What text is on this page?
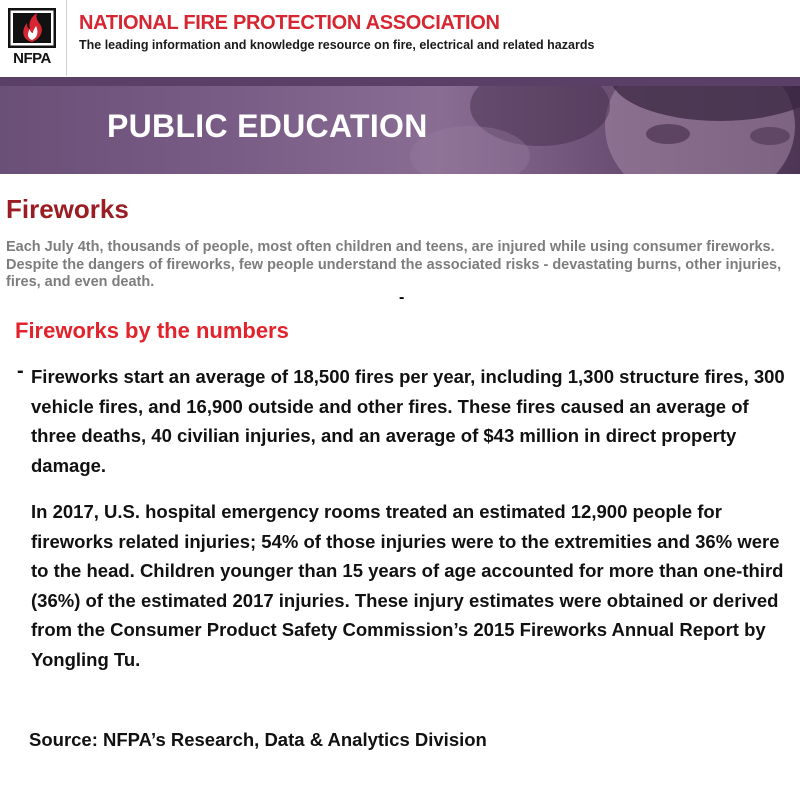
NFPA
NATIONAL FIRE PROTECTION ASSOCIATION
The leading information and knowledge resource on fire, electrical and related hazards
PUBLIC EDUCATION
Fireworks
Each July 4th, thousands of people, most often children and teens, are injured while using consumer fireworks. Despite the dangers of fireworks, few people understand the associated risks - devastating burns, other injuries, fires, and even death.
-
Fireworks by the numbers
- Fireworks start an average of 18,500 fires per year, including 1,300 structure fires, 300 vehicle fires, and 16,900 outside and other fires. These fires caused an average of three deaths, 40 civilian injuries, and an average of $43 million in direct property damage.
In 2017, U.S. hospital emergency rooms treated an estimated 12,900 people for fireworks related injuries; 54% of those injuries were to the extremities and 36% were to the head. Children younger than 15 years of age accounted for more than one-third (36%) of the estimated 2017 injuries. These injury estimates were obtained or derived from the Consumer Product Safety Commission’s 2015 Fireworks Annual Report by Yongling Tu.
Source: NFPA’s Research, Data & Analytics Division
